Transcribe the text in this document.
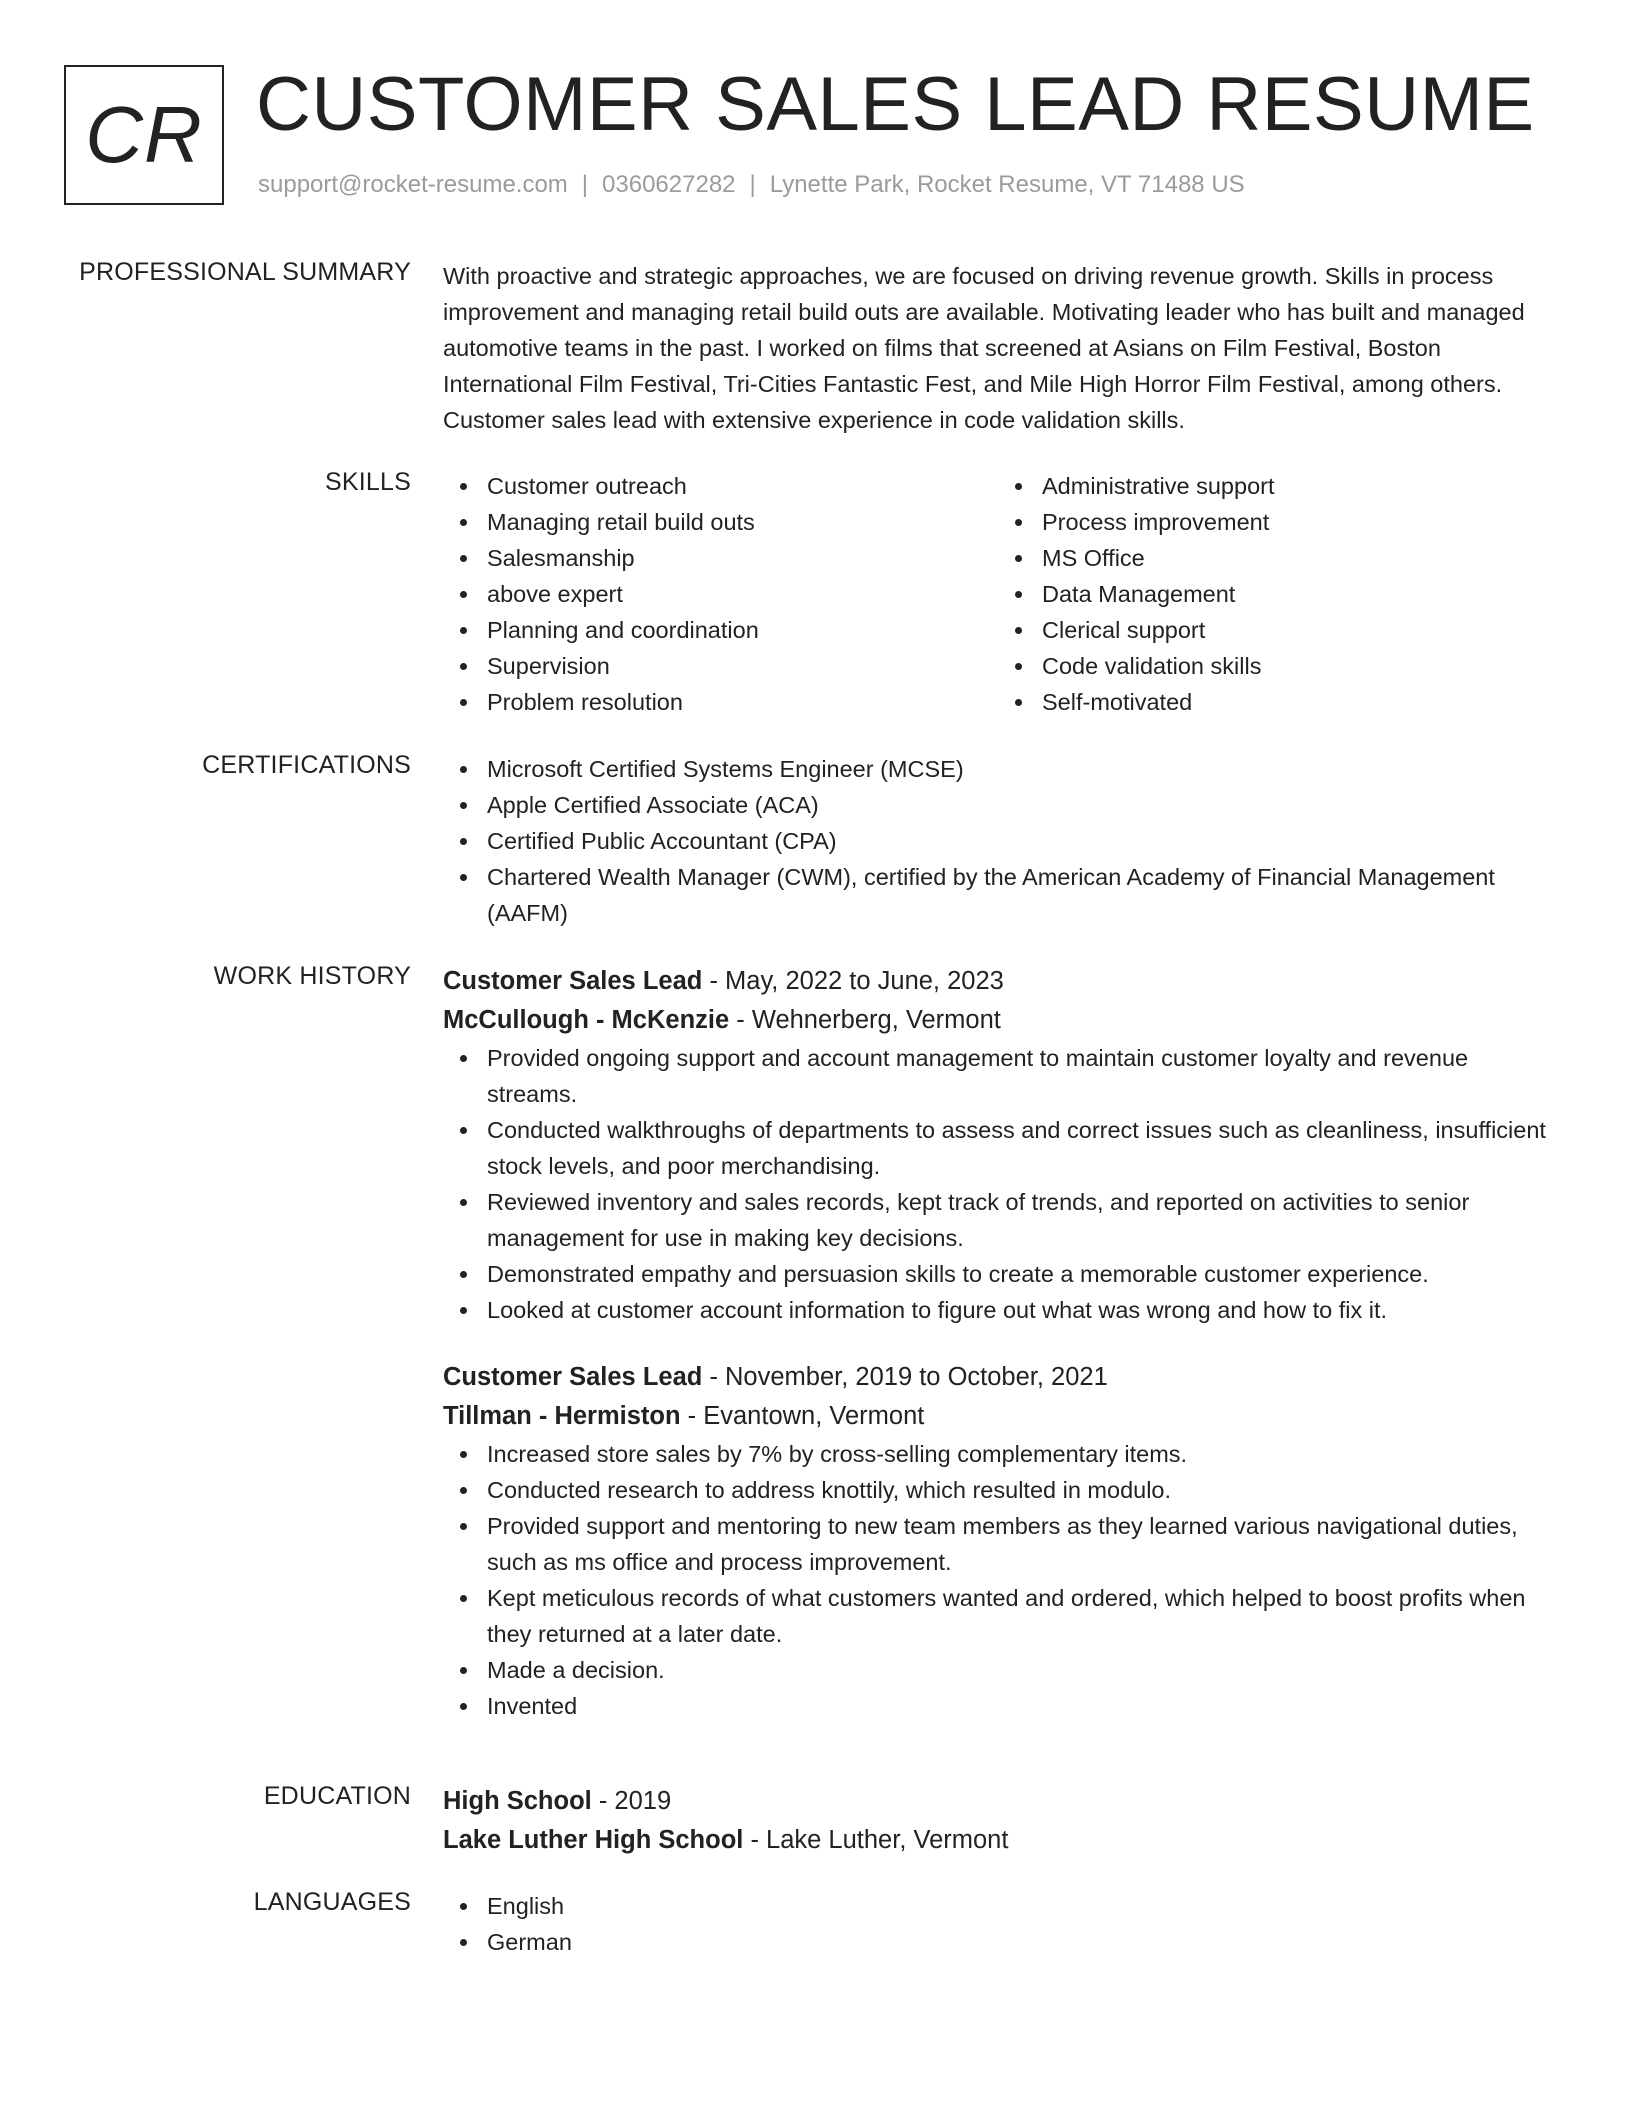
CR CUSTOMER SALES LEAD RESUME
support@rocket-resume.com | 0360627282 | Lynette Park, Rocket Resume, VT 71488 US
PROFESSIONAL SUMMARY With proactive and strategic approaches, we are focused on driving revenue growth. Skills in process improvement and managing retail build outs are available. Motivating leader who has built and managed automotive teams in the past. I worked on films that screened at Asians on Film Festival, Boston International Film Festival, Tri-Cities Fantastic Fest, and Mile High Horror Film Festival, among others. Customer sales lead with extensive experience in code validation skills.

SKILLS	Customer outreach
Managing retail build outs
Salesmanship
above expert
Planning and coordination
Supervision
Problem resolution
Administrative support
Process improvement
MS Office
Data Management
Clerical support
Code validation skills
Self-motivated
CERTIFICATIONS	Microsoft Certified Systems Engineer (MCSE)
Apple Certified Associate (ACA)
Certified Public Accountant (CPA)
Chartered Wealth Manager (CWM), certified by the American Academy of Financial Management (AAFM)
WORK HISTORY Customer Sales Lead - May, 2022 to June, 2023
McCullough - McKenzie - Wehnerberg, Vermont
Provided ongoing support and account management to maintain customer loyalty and revenue streams.
Conducted walkthroughs of departments to assess and correct issues such as cleanliness, insufficient stock levels, and poor merchandising.
Reviewed inventory and sales records, kept track of trends, and reported on activities to senior management for use in making key decisions.
Demonstrated empathy and persuasion skills to create a memorable customer experience.
Looked at customer account information to figure out what was wrong and how to fix it.
Customer Sales Lead - November, 2019 to October, 2021
Tillman - Hermiston - Evantown, Vermont
Increased store sales by 7% by cross-selling complementary items.
Conducted research to address knottily, which resulted in modulo.
Provided support and mentoring to new team members as they learned various navigational duties, such as ms office and process improvement.
Kept meticulous records of what customers wanted and ordered, which helped to boost profits when they returned at a later date.
Made a decision.
Invented
EDUCATION High School - 2019
Lake Luther High School - Lake Luther, Vermont
LANGUAGES	English
German
